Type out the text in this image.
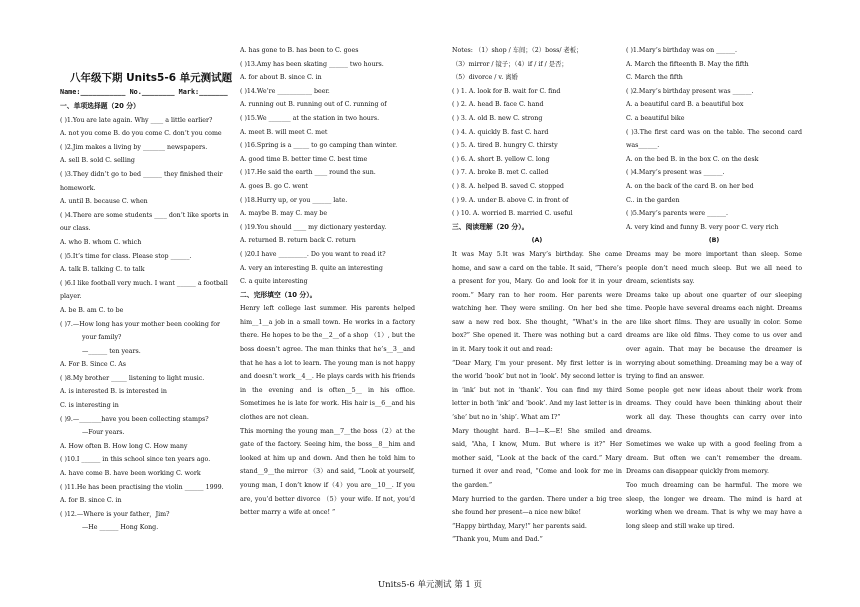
八年级下期 Units5-6 单元测试题
Name:___________ No.________ Mark:_______
一、单项选择题（20 分）
( )1.You are late again. Why ____ a little earlier?
A. not you come B. do you come C. don’t you come
( )2.Jim makes a living by _______ newspapers.
A. sell B. sold C. selling
( )3.They didn’t go to bed ______ they finished their
homework.
A. until B. because C. when
( )4.There are some students ____ don’t like sports in
our class.
A. who B. whom C. which
( )5.It’s time for class. Please stop ______.
A. talk B. talking C. to talk
( )6.I like football very much. I want ______ a football
player.
A. be B. am C. to be
( )7.—How long has your mother been cooking for
your family?
—______ ten years.
A. For B. Since C. As
( )8.My brother _____ listening to light music.
A. is interested B. is interested in
C. is interesting in
( )9.—_______have you been collecting stamps?
—Four years.
A. How often B. How long C. How many
( )10.I ______ in this school since ten years ago.
A. have come B. have been working C. work
( )11.He has been practising the violin ______ 1999.
A. for B. since C. in
( )12.—Where is your father，Jim?
—He ______ Hong Kong.
A. has gone to B. has been to C. goes
( )13.Amy has been skating ______ two hours.
A. for about B. since C. in
( )14.We’re ___________ beer.
A. running out B. running out of C. running of
( )15.We _______ at the station in two hours.
A. meet B. will meet C. met
( )16.Spring is a _____ to go camping than winter.
A. good time B. better time C. best time
( )17.He said the earth ____ round the sun.
A. goes B. go C. went
( )18.Hurry up, or you ______ late.
A. maybe B. may C. may be
( )19.You should ____ my dictionary yesterday.
A. returned B. return back C. return
( )20.I have _________. Do you want to read it?
A. very an interesting B. quite an interesting
C. a quite interesting
二、完形填空（10 分）。
Henry left college last summer. His parents helped him__1__a job in a small town. He works in a factory there. He hopes to be the__2__of a shop （1）, but the boss doesn’t agree. The man thinks that he’s__3__and that he has a lot to learn. The young man is not happy and doesn’t work__4__. He plays cards with his friends in the evening and is often__5__ in his office. Sometimes he is late for work. His hair is__6__and his clothes are not clean.
This morning the young man__7__the boss（2）at the gate of the factory. Seeing him, the boss__8__him and looked at him up and down. And then he told him to stand__9__the mirror （3）and said, “Look at yourself, young man, I don’t know if（4）you are__10__. If you are, you’d better divorce （5）your wife. If not, you’d better marry a wife at once! ”
Notes: （1）shop / 车间；（2）boss/ 老板；
（3）mirror / 镜子；（4）if / if / 是否；
（5）divorce / v. 离婚
( ) 1. A. look for B. wait for C. find
( ) 2. A. head B. face C. hand
( ) 3. A. old B. new C. strong
( ) 4. A. quickly B. fast C. hard
( ) 5. A. tired B. hungry C. thirsty
( ) 6. A. short B. yellow C. long
( ) 7. A. broke B. met C. called
( ) 8. A. helped B. saved C. stopped
( ) 9. A. under B. above C. in front of
( ) 10. A. worried B. married C. useful
三、阅读理解（20 分）。
(A)
It was May 5.It was Mary’s birthday. She came home, and saw a card on the table. It said, “There’s a present for you, Mary. Go and look for it in your room.” Mary ran to her room. Her parents were watching her. They were smiling. On her bed she saw a new red box. She thought, “What’s in the box?” She opened it. There was nothing but a card in it. Mary took it out and read:
“Dear Mary, I’m your present. My first letter is in the world ‘book’ but not in ‘look’. My second letter is in ‘ink’ but not in ‘thank’. You can find my third letter in both ‘ink’ and ‘book’. And my last letter is in ‘she’ but no in ‘ship’. What am I?”
Mary thought hard. B—I—K—E! She smiled and said, “Aha, I know, Mum. But where is it?” Her mother said, “Look at the back of the card.” Mary turned it over and read, “Come and look for me in the garden.”
Mary hurried to the garden. There under a big tree she found her present—a nice new bike!
“Happy birthday, Mary!” her parents said.
“Thank you, Mum and Dad.”
( )1.Mary’s birthday was on ______.
A. March the fifteenth B. May the fifth
C. March the fifth
( )2.Mary’s birthday present was ______.
A. a beautiful card B. a beautiful box
C. a beautiful bike
( )3.The first card was on the table. The second card was______.
A. on the bed B. in the box C. on the desk
( )4.Mary’s present was ______.
A. on the back of the card B. on her bed
C.. in the garden
( )5.Mary’s parents were ______.
A. very kind and funny B. very poor C. very rich
(B)
Dreams may be more important than sleep. Some people don’t need much sleep. But we all need to dream, scientists say.
Dreams take up about one quarter of our sleeping time. People have several dreams each night. Dreams are like short films. They are usually in color. Some dreams are like old films. They come to us over and over again. That may be because the dreamer is worrying about something. Dreaming may be a way of trying to find an answer.
Some people get new ideas about their work from dreams. They could have been thinking about their work all day. These thoughts can carry over into dreams.
Sometimes we wake up with a good feeling from a dream. But often we can’t remember the dream. Dreams can disappear quickly from memory.
Too much dreaming can be harmful. The more we sleep, the longer we dream. The mind is hard at working when we dream. That is why we may have a long sleep and still wake up tired.
Units5-6 单元测试 第 1 页
